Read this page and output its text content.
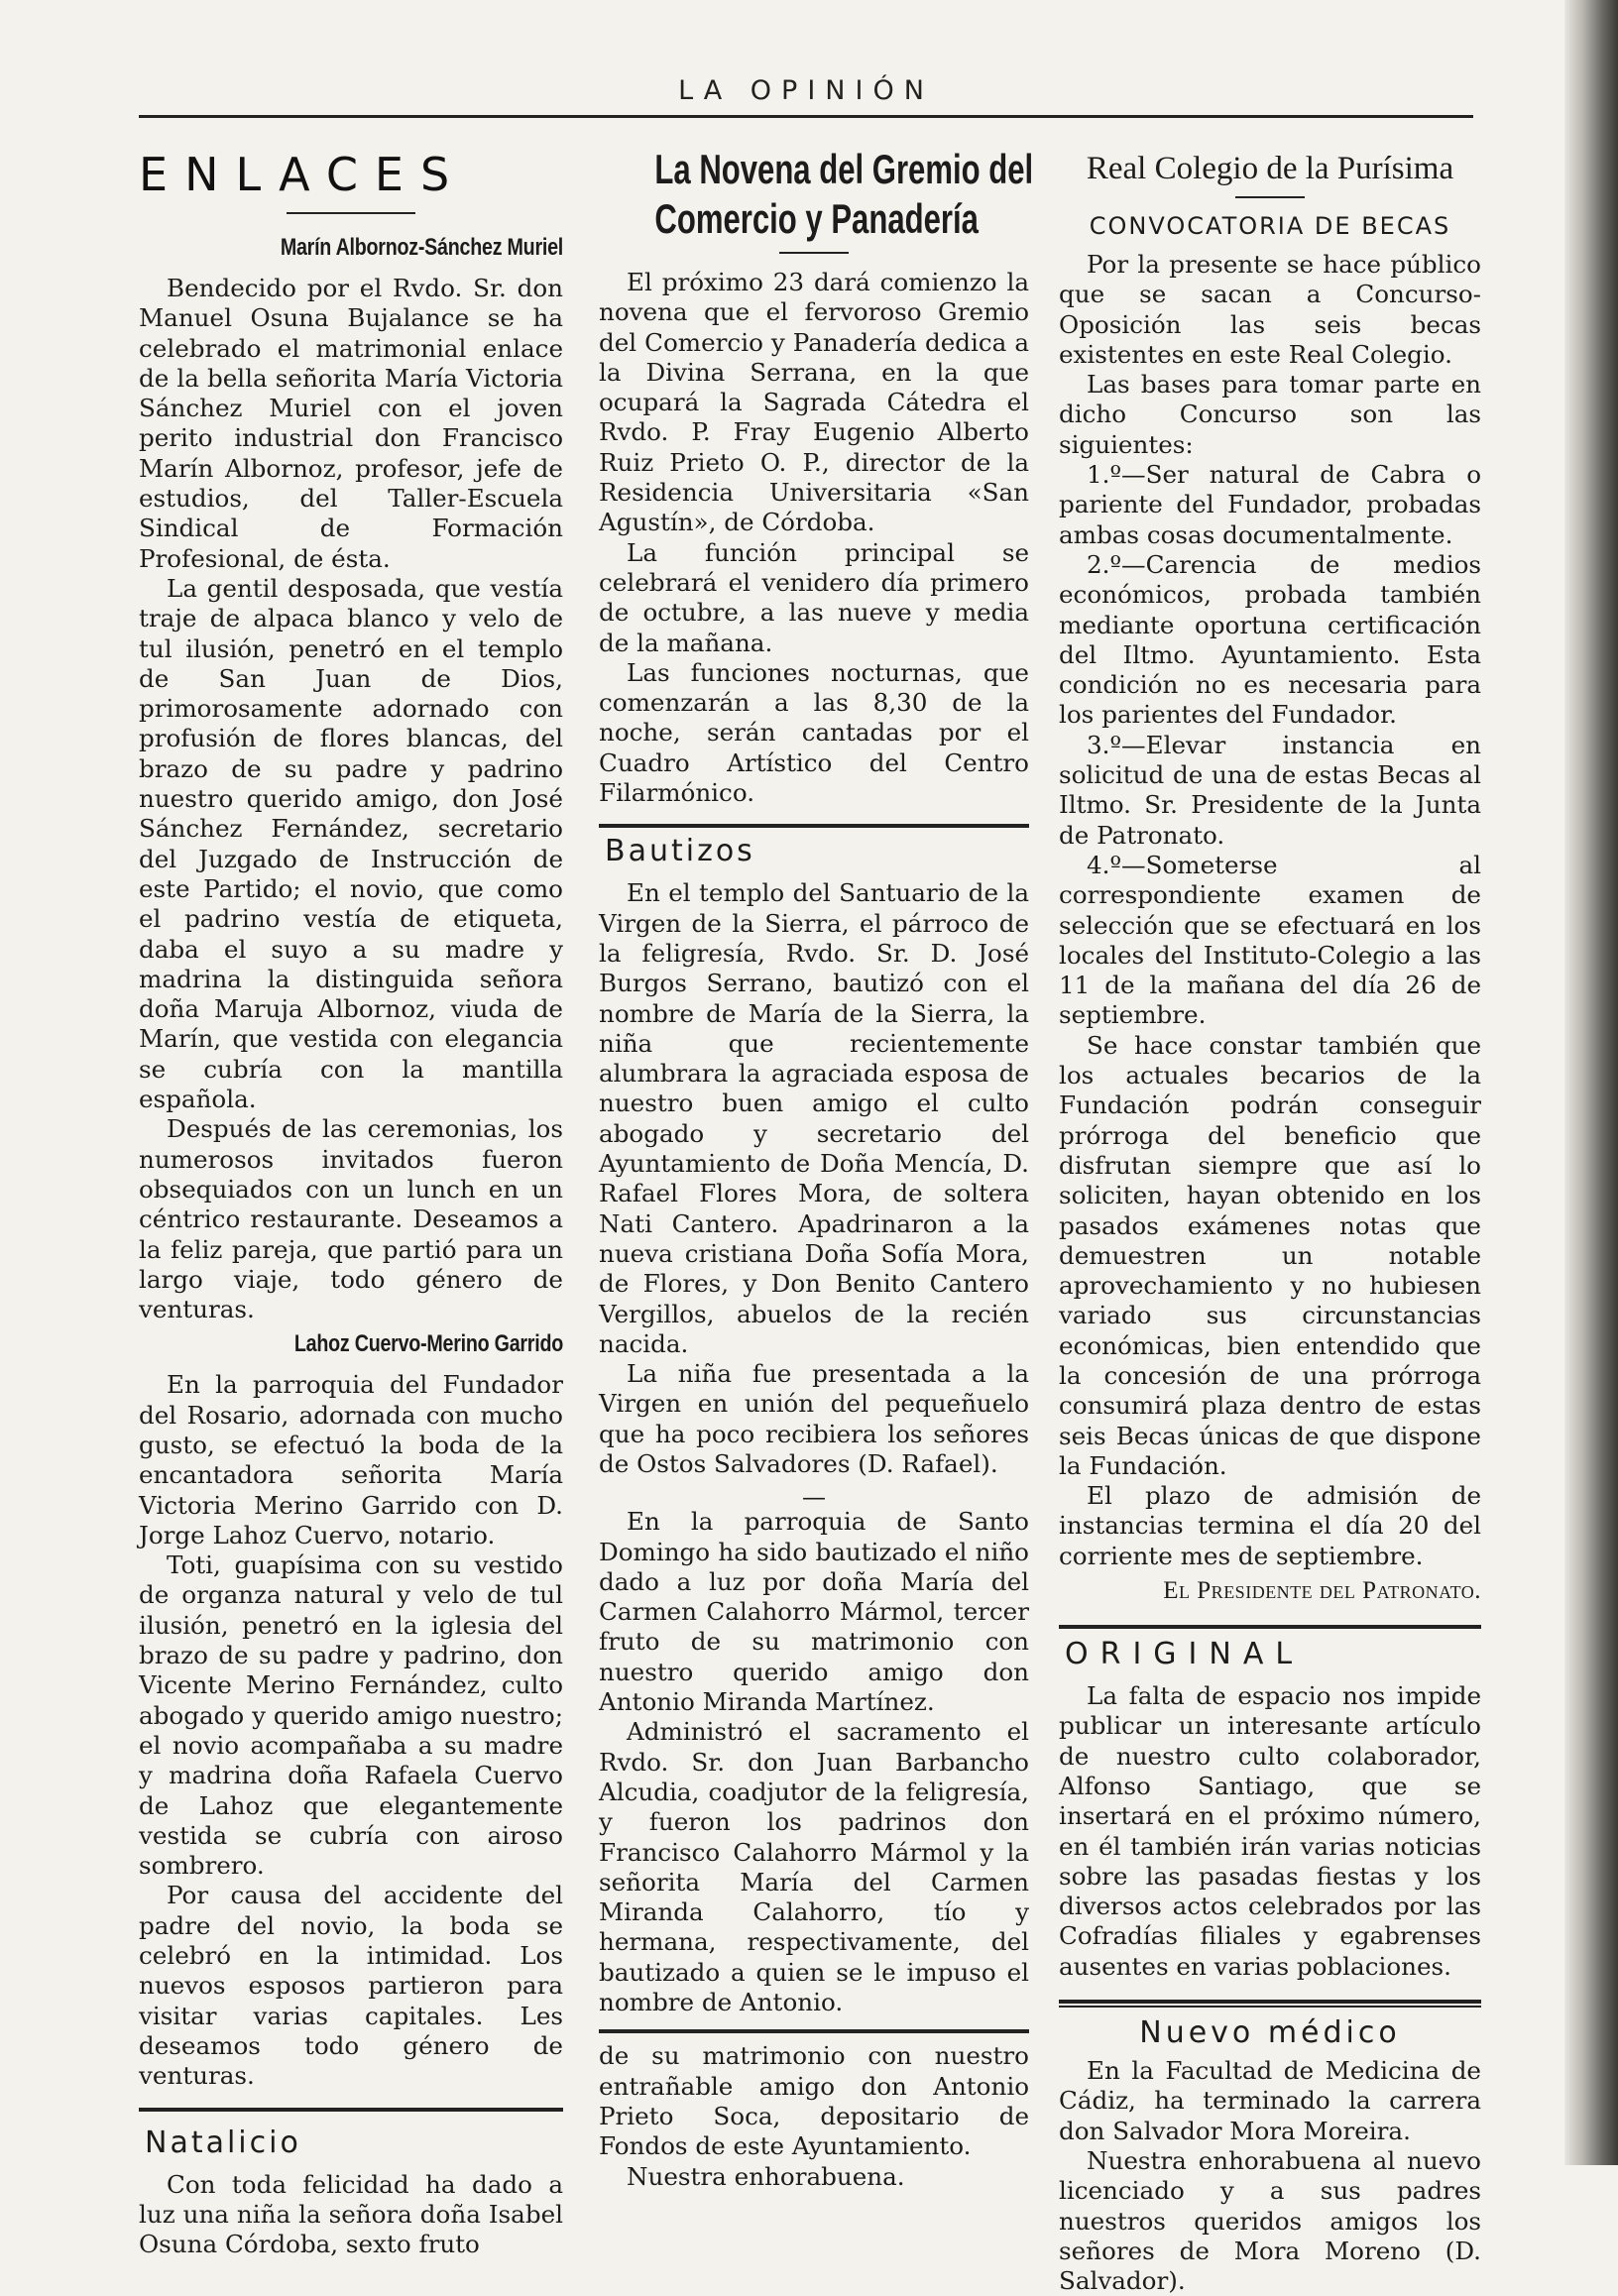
LA OPINIÓN
ENLACES
Marín Albornoz-Sánchez Muriel

Bendecido por el Rvdo. Sr. don Manuel Osuna Bujalance se ha celebrado el matrimonial enlace de la bella señorita María Victoria Sánchez Muriel con el joven perito industrial don Francisco Marín Albornoz, profesor, jefe de estudios, del Taller-Escuela Sindical de Formación Profesional, de ésta.

La gentil desposada, que vestía traje de alpaca blanco y velo de tul ilusión, penetró en el templo de San Juan de Dios, primorosamente adornado con profusión de flores blancas, del brazo de su padre y padrino nuestro querido amigo, don José Sánchez Fernández, secretario del Juzgado de Instrucción de este Partido; el novio, que como el padrino vestía de etiqueta, daba el suyo a su madre y madrina la distinguida señora doña Maruja Albornoz, viuda de Marín, que vestida con elegancia se cubría con la mantilla española.

Después de las ceremonias, los numerosos invitados fueron obsequiados con un lunch en un céntrico restaurante. Deseamos a la feliz pareja, que partió para un largo viaje, todo género de venturas.

Lahoz Cuervo-Merino Garrido

En la parroquia del Fundador del Rosario, adornada con mucho gusto, se efectuó la boda de la encantadora señorita María Victoria Merino Garrido con D. Jorge Lahoz Cuervo, notario.

Toti, guapísima con su vestido de organza natural y velo de tul ilusión, penetró en la iglesia del brazo de su padre y padrino, don Vicente Merino Fernández, culto abogado y querido amigo nuestro; el novio acompañaba a su madre y madrina doña Rafaela Cuervo de Lahoz que elegantemente vestida se cubría con airoso sombrero.

Por causa del accidente del padre del novio, la boda se celebró en la intimidad. Los nuevos esposos partieron para visitar varias capitales. Les deseamos todo género de venturas.

Natalicio

Con toda felicidad ha dado a luz una niña la señora doña Isabel Osuna Córdoba, sexto fruto

La Novena del Gremio del
Comercio y Panadería

El próximo 23 dará comienzo la novena que el fervoroso Gremio del Comercio y Panadería dedica a la Divina Serrana, en la que ocupará la Sagrada Cátedra el Rvdo. P. Fray Eugenio Alberto Ruiz Prieto O. P., director de la Residencia Universitaria «San Agustín», de Córdoba.

La función principal se celebrará el venidero día primero de octubre, a las nueve y media de la mañana.

Las funciones nocturnas, que comenzarán a las 8,30 de la noche, serán cantadas por el Cuadro Artístico del Centro Filarmónico.

Bautizos

En el templo del Santuario de la Virgen de la Sierra, el párroco de la feligresía, Rvdo. Sr. D. José Burgos Serrano, bautizó con el nombre de María de la Sierra, la niña que recientemente alumbrara la agraciada esposa de nuestro buen amigo el culto abogado y secretario del Ayuntamiento de Doña Mencía, D. Rafael Flores Mora, de soltera Nati Cantero. Apadrinaron a la nueva cristiana Doña Sofía Mora, de Flores, y Don Benito Cantero Vergillos, abuelos de la recién nacida.

La niña fue presentada a la Virgen en unión del pequeñuelo que ha poco recibiera los señores de Ostos Salvadores (D. Rafael).

—

En la parroquia de Santo Domingo ha sido bautizado el niño dado a luz por doña María del Carmen Calahorro Mármol, tercer fruto de su matrimonio con nuestro querido amigo don Antonio Miranda Martínez.

Administró el sacramento el Rvdo. Sr. don Juan Barbancho Alcudia, coadjutor de la feligresía, y fueron los padrinos don Francisco Calahorro Mármol y la señorita María del Carmen Miranda Calahorro, tío y hermana, respectivamente, del bautizado a quien se le impuso el nombre de Antonio.

de su matrimonio con nuestro entrañable amigo don Antonio Prieto Soca, depositario de Fondos de este Ayuntamiento.

Nuestra enhorabuena.

Real Colegio de la Purísima
CONVOCATORIA DE BECAS

Por la presente se hace público que se sacan a Concurso-Oposición las seis becas existentes en este Real Colegio.

Las bases para tomar parte en dicho Concurso son las siguientes:

1.º—Ser natural de Cabra o pariente del Fundador, probadas ambas cosas documentalmente.

2.º—Carencia de medios económicos, probada también mediante oportuna certificación del Iltmo. Ayuntamiento. Esta condición no es necesaria para los parientes del Fundador.

3.º—Elevar instancia en solicitud de una de estas Becas al Iltmo. Sr. Presidente de la Junta de Patronato.

4.º—Someterse al correspondiente examen de selección que se efectuará en los locales del Instituto-Colegio a las 11 de la mañana del día 26 de septiembre.

Se hace constar también que los actuales becarios de la Fundación podrán conseguir prórroga del beneficio que disfrutan siempre que así lo soliciten, hayan obtenido en los pasados exámenes notas que demuestren un notable aprovechamiento y no hubiesen variado sus circunstancias económicas, bien entendido que la concesión de una prórroga consumirá plaza dentro de estas seis Becas únicas de que dispone la Fundación.

El plazo de admisión de instancias termina el día 20 del corriente mes de septiembre.

El Presidente del Patronato.
ORIGINAL

La falta de espacio nos impide publicar un interesante artículo de nuestro culto colaborador, Alfonso Santiago, que se insertará en el próximo número, en él también irán varias noticias sobre las pasadas fiestas y los diversos actos celebrados por las Cofradías filiales y egabrenses ausentes en varias poblaciones.

Nuevo médico

En la Facultad de Medicina de Cádiz, ha terminado la carrera don Salvador Mora Moreira.

Nuestra enhorabuena al nuevo licenciado y a sus padres nuestros queridos amigos los señores de Mora Moreno (D. Salvador).
